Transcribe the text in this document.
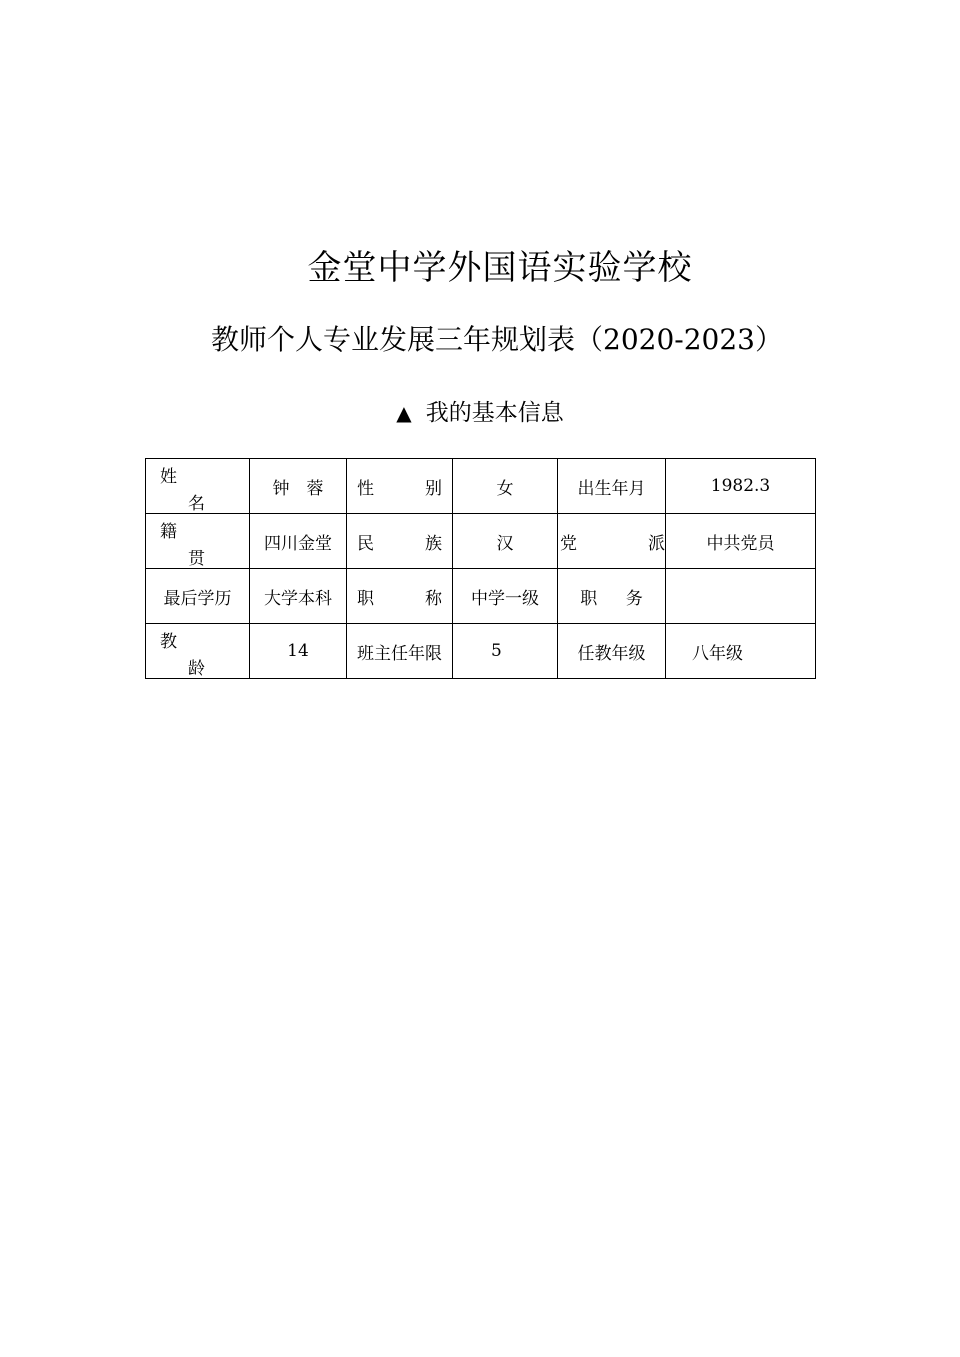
金堂中学外国语实验学校
教师个人专业发展三年规划表（2020-2023）
▲ 我的基本信息
姓
名	钟　蓉	性 别	女	出生年月	1982.3

籍
贯	四川金堂	民 族	汉	党 派	中共党员
最后学历	大学本科	职 称	中学一级	职 务	

教
龄	14	班主任年限	5	任教年级	八年级
